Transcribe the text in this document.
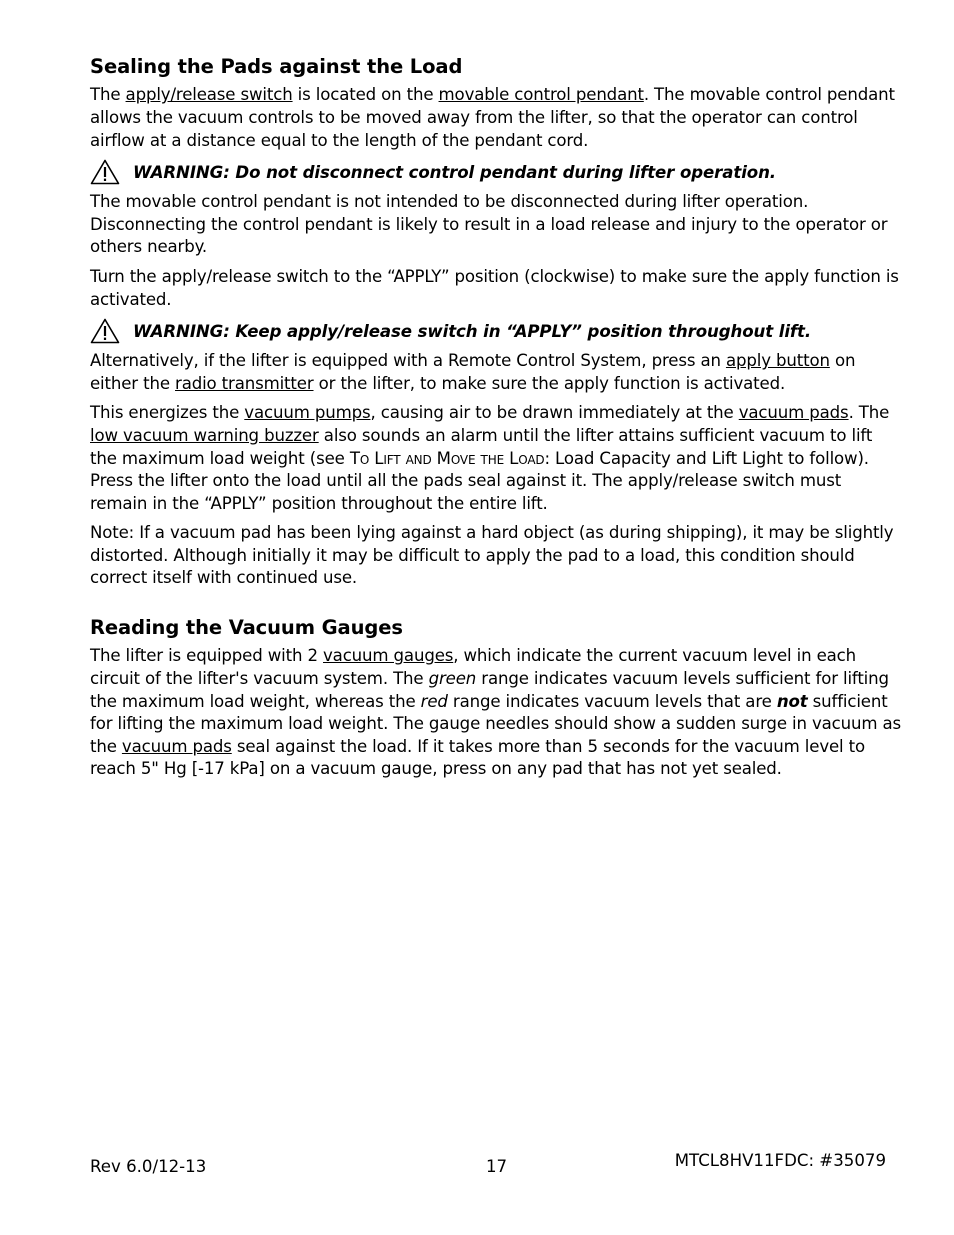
Sealing the Pads against the Load

The apply/release switch is located on the movable control pendant. The movable control pendant allows the vacuum controls to be moved away from the lifter, so that the operator can control airflow at a distance equal to the length of the pendant cord.

WARNING: Do not disconnect control pendant during lifter operation.

The movable control pendant is not intended to be disconnected during lifter operation. Disconnecting the control pendant is likely to result in a load release and injury to the operator or others nearby.

Turn the apply/release switch to the “APPLY” position (clockwise) to make sure the apply function is activated.

WARNING: Keep apply/release switch in “APPLY” position throughout lift.

Alternatively, if the lifter is equipped with a Remote Control System, press an apply button on either the radio transmitter or the lifter, to make sure the apply function is activated.

This energizes the vacuum pumps, causing air to be drawn immediately at the vacuum pads. The low vacuum warning buzzer also sounds an alarm until the lifter attains sufficient vacuum to lift the maximum load weight (see To Lift and Move the Load: Load Capacity and Lift Light to follow). Press the lifter onto the load until all the pads seal against it. The apply/release switch must remain in the “APPLY” position throughout the entire lift.

Note: If a vacuum pad has been lying against a hard object (as during shipping), it may be slightly distorted. Although initially it may be difficult to apply the pad to a load, this condition should correct itself with continued use.

Reading the Vacuum Gauges

The lifter is equipped with 2 vacuum gauges, which indicate the current vacuum level in each circuit of the lifter's vacuum system. The green range indicates vacuum levels sufficient for lifting the maximum load weight, whereas the red range indicates vacuum levels that are not sufficient for lifting the maximum load weight. The gauge needles should show a sudden surge in vacuum as the vacuum pads seal against the load. If it takes more than 5 seconds for the vacuum level to reach 5" Hg [-17 kPa] on a vacuum gauge, press on any pad that has not yet sealed.

Rev 6.0/12-13	17	MTCL8HV11FDC: #35079
